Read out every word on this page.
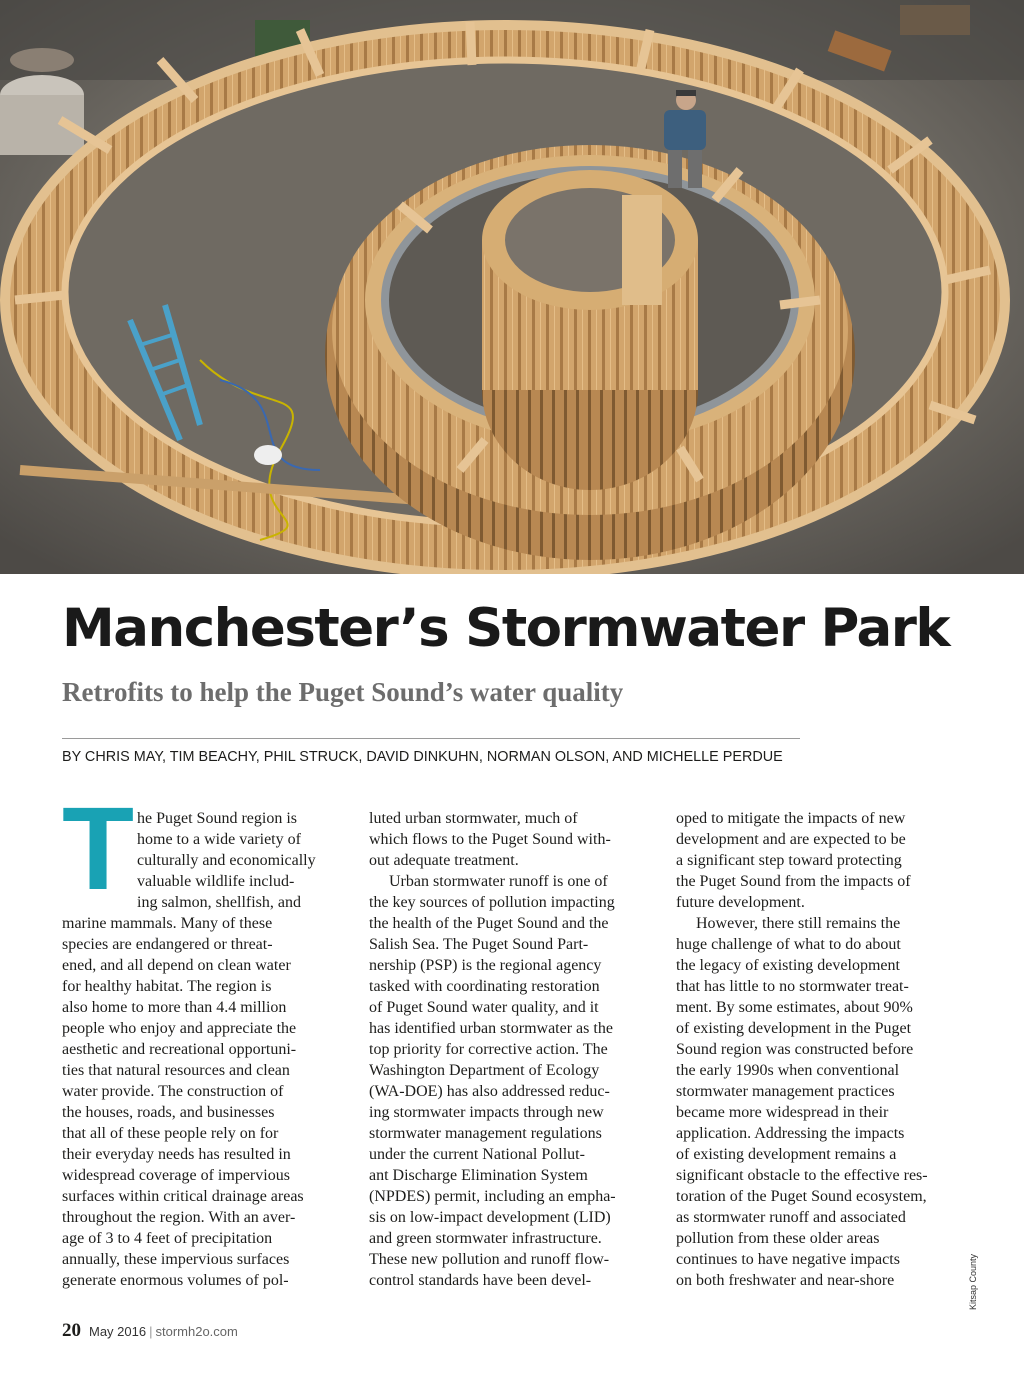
Manchester’s Stormwater Park
Retrofits to help the Puget Sound’s water quality

BY CHRIS MAY, TIM BEACHY, PHIL STRUCK, DAVID DINKUHN, NORMAN OLSON, AND MICHELLE PERDUE

T he Puget Sound region is
home to a wide variety of
culturally and economically
valuable wildlife includ-
ing salmon, shellfish, and
marine mammals. Many of these
species are endangered or threat-
ened, and all depend on clean water
for healthy habitat. The region is
also home to more than 4.4 million
people who enjoy and appreciate the
aesthetic and recreational opportuni-
ties that natural resources and clean
water provide. The construction of
the houses, roads, and businesses
that all of these people rely on for
their everyday needs has resulted in
widespread coverage of impervious
surfaces within critical drainage areas
throughout the region. With an aver-
age of 3 to 4 feet of precipitation
annually, these impervious surfaces
generate enormous volumes of pol-
luted urban stormwater, much of
which flows to the Puget Sound with-
out adequate treatment.
Urban stormwater runoff is one of
the key sources of pollution impacting
the health of the Puget Sound and the
Salish Sea. The Puget Sound Part-
nership (PSP) is the regional agency
tasked with coordinating restoration
of Puget Sound water quality, and it
has identified urban stormwater as the
top priority for corrective action. The
Washington Department of Ecology
(WA-DOE) has also addressed reduc-
ing stormwater impacts through new
stormwater management regulations
under the current National Pollut-
ant Discharge Elimination System
(NPDES) permit, including an empha-
sis on low-impact development (LID)
and green stormwater infrastructure.
These new pollution and runoff flow-
control standards have been devel-
oped to mitigate the impacts of new
development and are expected to be
a significant step toward protecting
the Puget Sound from the impacts of
future development.
However, there still remains the
huge challenge of what to do about
the legacy of existing development
that has little to no stormwater treat-
ment. By some estimates, about 90%
of existing development in the Puget
Sound region was constructed before
the early 1990s when conventional
stormwater management practices
became more widespread in their
application. Addressing the impacts
of existing development remains a
significant obstacle to the effective res-
toration of the Puget Sound ecosystem,
as stormwater runoff and associated
pollution from these older areas
continues to have negative impacts
on both freshwater and near-shore	Kitsap County
20 May 2016 | stormh2o.com
